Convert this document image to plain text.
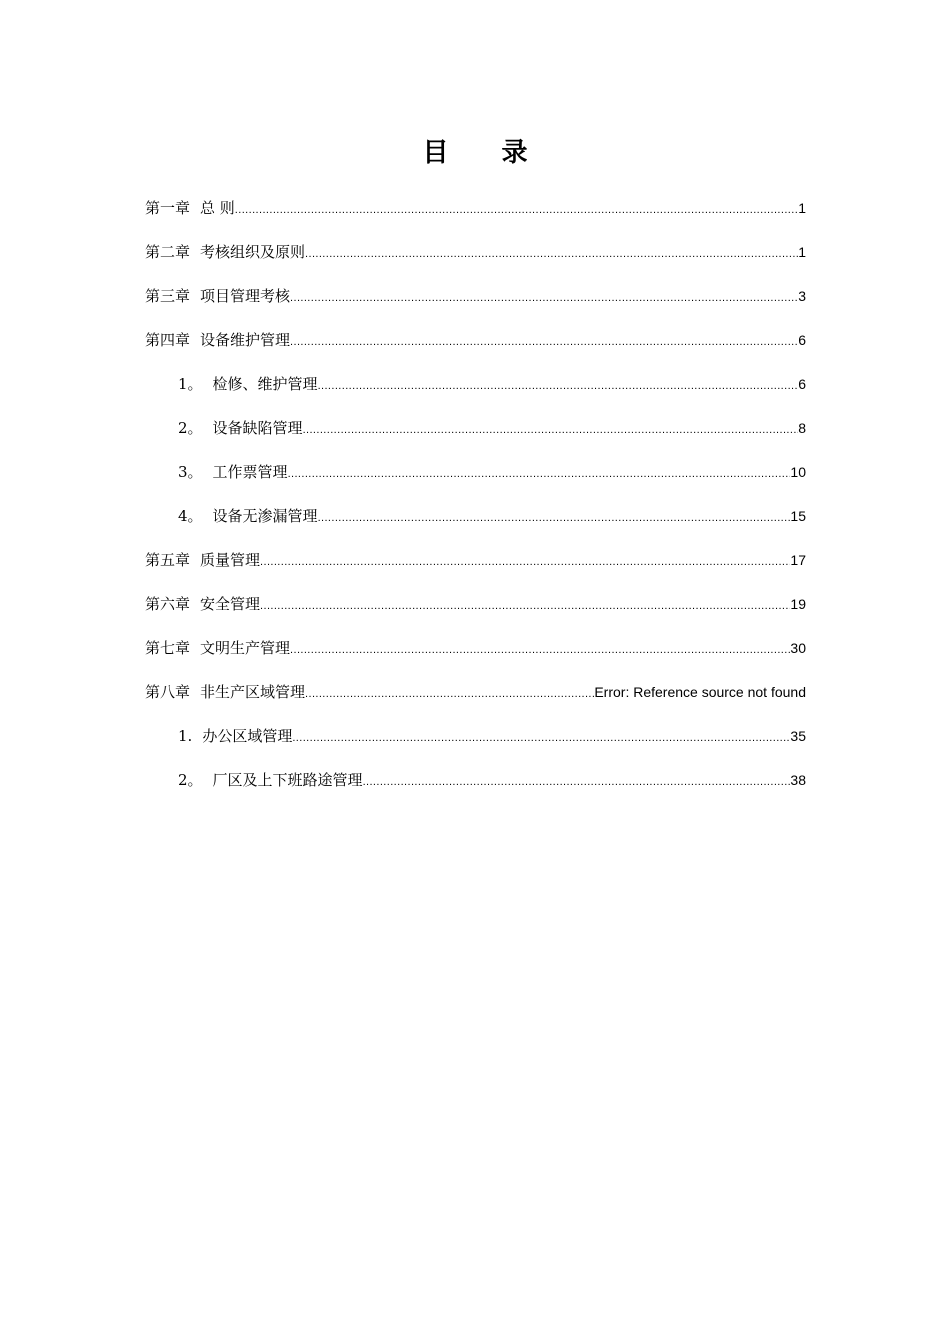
目 录
第一章 总 则 .....	1
第二章 考核组织及原则 .....	1
第三章 项目管理考核 .....	3
第四章 设备维护管理 .....	6
1。 检修、维护管理 .....	6
2。 设备缺陷管理 .....	8
3。 工作票管理 .....	10
4。 设备无渗漏管理 .....	15
第五章 质量管理 .....	17
第六章 安全管理 .....	19
第七章 文明生产管理 .....	30
第八章 非生产区域管理 .....	Error: Reference source not found
1. 办公区域管理 .....	35
2。 厂区及上下班路途管理 .....	38
